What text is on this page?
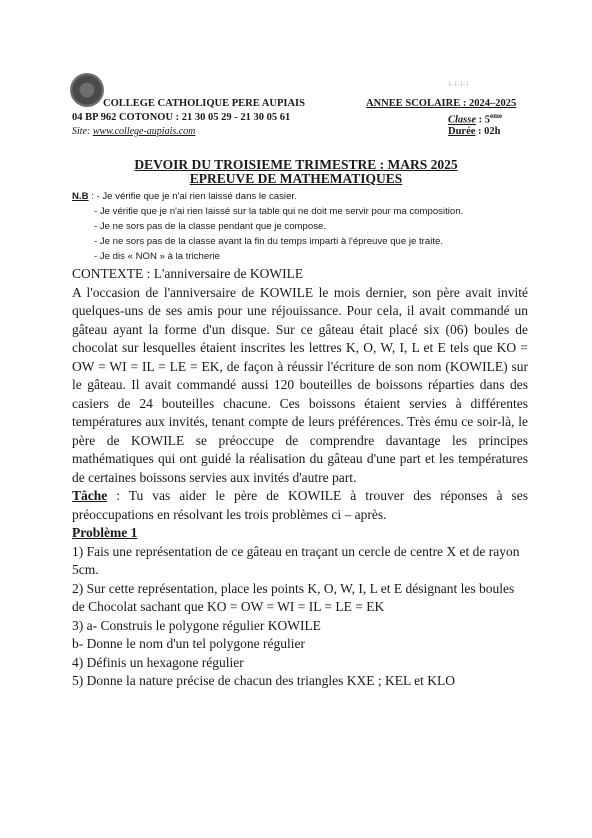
1-1-1-1
COLLEGE CATHOLIQUE PERE AUPIAIS
04 BP 962 COTONOU : 21 30 05 29 - 21 30 05 61
Site: www.college-aupiais.com
ANNEE SCOLAIRE : 2024–2025
Classe : 5eme
Durée : 02h
DEVOIR DU TROISIEME TRIMESTRE : MARS 2025
EPREUVE DE MATHEMATIQUES
N.B : - Je vérifie que je n'ai rien laissé dans le casier.
- Je vérifie que je n'ai rien laissé sur la table qui ne doit me servir pour ma composition.
- Je ne sors pas de la classe pendant que je compose.
- Je ne sors pas de la classe avant la fin du temps imparti à l'épreuve que je traite.
- Je dis « NON » à la tricherie

CONTEXTE : L'anniversaire de KOWILE

A l'occasion de l'anniversaire de KOWILE le mois dernier, son père avait invité quelques-uns de ses amis pour une réjouissance. Pour cela, il avait commandé un gâteau ayant la forme d'un disque. Sur ce gâteau était placé six (06) boules de chocolat sur lesquelles étaient inscrites les lettres K, O, W, I, L et E tels que KO = OW = WI = IL = LE = EK, de façon à réussir l'écriture de son nom (KOWILE) sur le gâteau. Il avait commandé aussi 120 bouteilles de boissons réparties dans des casiers de 24 bouteilles chacune. Ces boissons étaient servies à différentes températures aux invités, tenant compte de leurs préférences. Très ému ce soir-là, le père de KOWILE se préoccupe de comprendre davantage les principes mathématiques qui ont guidé la réalisation du gâteau d'une part et les températures de certaines boissons servies aux invités d'autre part.

Tâche : Tu vas aider le père de KOWILE à trouver des réponses à ses préoccupations en résolvant les trois problèmes ci – après.

Problème 1

1) Fais une représentation de ce gâteau en traçant un cercle de centre X et de rayon 5cm.

2) Sur cette représentation, place les points K, O, W, I, L et E désignant les boules de Chocolat sachant que KO = OW = WI = IL = LE = EK

3) a- Construis le polygone régulier KOWILE

b- Donne le nom d'un tel polygone régulier

4) Définis un hexagone régulier

5) Donne la nature précise de chacun des triangles KXE ; KEL et KLO
